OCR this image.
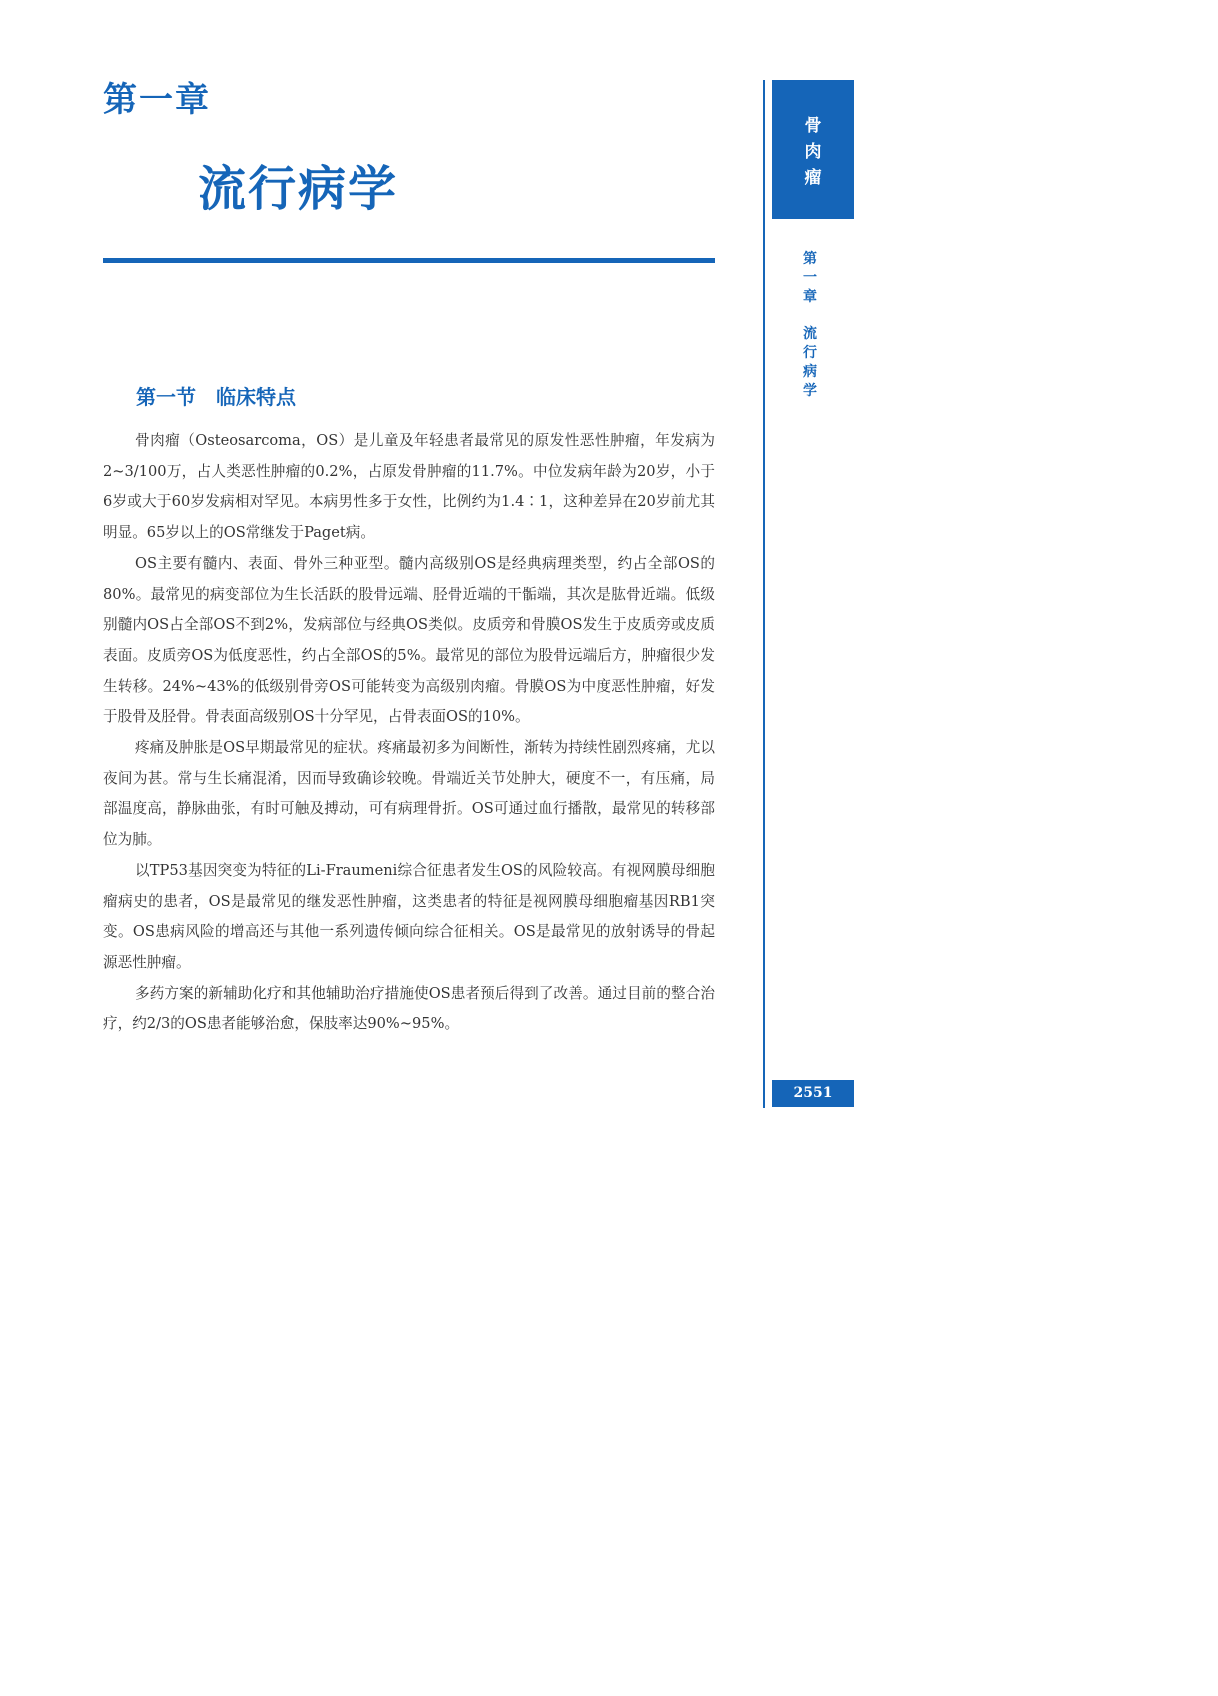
第一章
流行病学
第一节　临床特点

骨肉瘤（Osteosarcoma，OS）是儿童及年轻患者最常见的原发性恶性肿瘤，年发病为2~3/100万，占人类恶性肿瘤的0.2%，占原发骨肿瘤的11.7%。中位发病年龄为20岁，小于6岁或大于60岁发病相对罕见。本病男性多于女性，比例约为1.4∶1，这种差异在20岁前尤其明显。65岁以上的OS常继发于Paget病。

OS主要有髓内、表面、骨外三种亚型。髓内高级别OS是经典病理类型，约占全部OS的80%。最常见的病变部位为生长活跃的股骨远端、胫骨近端的干骺端，其次是肱骨近端。低级别髓内OS占全部OS不到2%，发病部位与经典OS类似。皮质旁和骨膜OS发生于皮质旁或皮质表面。皮质旁OS为低度恶性，约占全部OS的5%。最常见的部位为股骨远端后方，肿瘤很少发生转移。24%~43%的低级别骨旁OS可能转变为高级别肉瘤。骨膜OS为中度恶性肿瘤，好发于股骨及胫骨。骨表面高级别OS十分罕见，占骨表面OS的10%。

疼痛及肿胀是OS早期最常见的症状。疼痛最初多为间断性，渐转为持续性剧烈疼痛，尤以夜间为甚。常与生长痛混淆，因而导致确诊较晚。骨端近关节处肿大，硬度不一，有压痛，局部温度高，静脉曲张，有时可触及搏动，可有病理骨折。OS可通过血行播散，最常见的转移部位为肺。

以TP53基因突变为特征的Li-Fraumeni综合征患者发生OS的风险较高。有视网膜母细胞瘤病史的患者，OS是最常见的继发恶性肿瘤，这类患者的特征是视网膜母细胞瘤基因RB1突变。OS患病风险的增高还与其他一系列遗传倾向综合征相关。OS是最常见的放射诱导的骨起源恶性肿瘤。

多药方案的新辅助化疗和其他辅助治疗措施使OS患者预后得到了改善。通过目前的整合治疗，约2/3的OS患者能够治愈，保肢率达90%~95%。

骨
肉
瘤
第
一
章
流
行
病
学
2551
